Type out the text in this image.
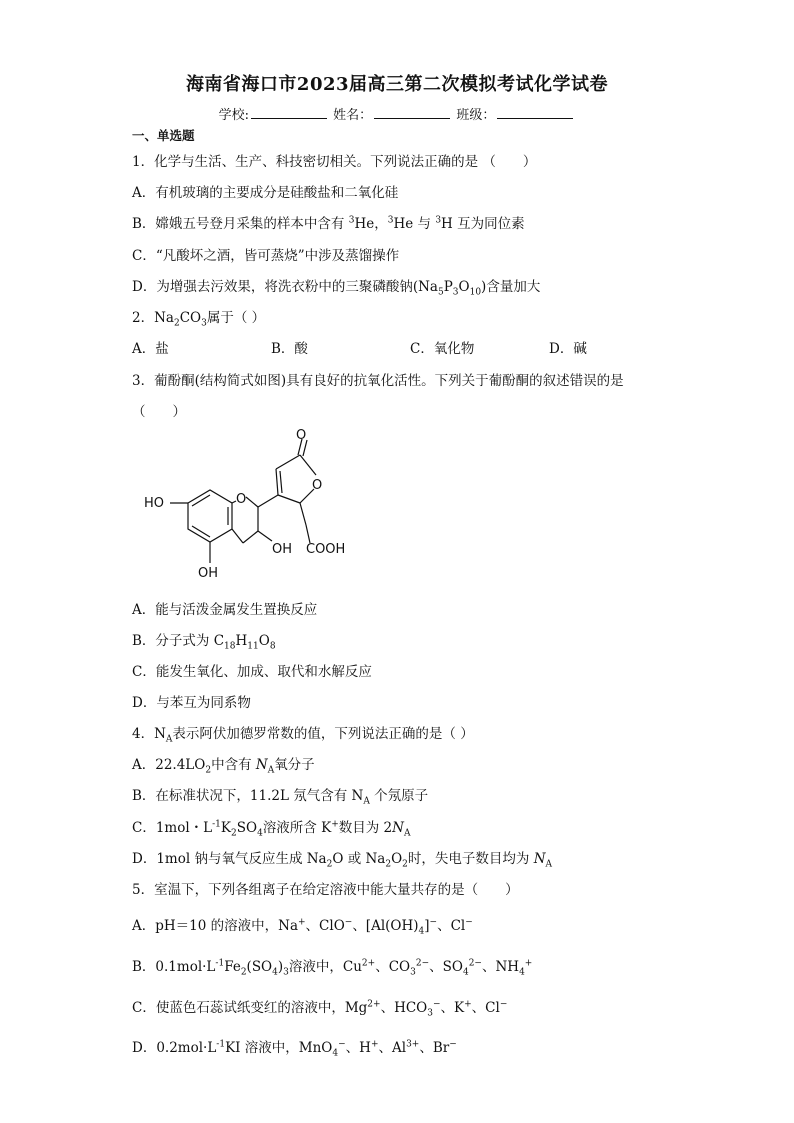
海南省海口市2023届高三第二次模拟考试化学试卷
学校:	姓名：	班级：
一、单选题
1．化学与生活、生产、科技密切相关。下列说法正确的是 （　　）
A．有机玻璃的主要成分是硅酸盐和二氧化硅
B．嫦娥五号登月采集的样本中含有 $^3$He，$^3$He 与 $^3$H 互为同位素
C．“凡酸坏之酒，皆可蒸烧”中涉及蒸馏操作
D．为增强去污效果，将洗衣粉中的三聚磷酸钠$(Na_5P_3O_{10})$含量加大
2．$Na_2CO_3$属于（ ）
A．盐	B．酸	C．氧化物	D．碱
3．葡酚酮(结构简式如图)具有良好的抗氧化活性。下列关于葡酚酮的叙述错误的是
（　　）
O
O
O
HO
OH
OH
COOH
A．能与活泼金属发生置换反应
B．分子式为 $C_{18}H_{11}O_8$
C．能发生氧化、加成、取代和水解反应
D．与苯互为同系物
4．$N_A$表示阿伏加德罗常数的值，下列说法正确的是（ ）
A．$22.4LO_2$中含有 $N_A$氧分子
B．在标准状况下，11.2L 氖气含有 $N_A$ 个氖原子
C．1mol・$L^{-1}K_2SO_4$溶液所含 K+数目为 $2N_A$
D．1mol 钠与氧气反应生成 $Na_2O$ 或 $Na_2O_2$时，失电子数目均为 $N_A$
5．室温下，下列各组离子在给定溶液中能大量共存的是（　　）
A．pH＝10 的溶液中，Na+、ClO−、$[Al(OH)_4]^-$、Cl−
B．$0.1mol\cdot L^{-1}Fe_2(SO_4)_3$溶液中，$Cu^{2+}$、$CO_3^{2-}$、$SO_4^{2-}$、$NH_4^+$
C．使蓝色石蕊试纸变红的溶液中，$Mg^{2+}$、$HCO_3^-$、K+、Cl−
D．$0.2mol\cdot L^{-1}KI$ 溶液中，MnO$_4$−、H+、$Al^{3+}$、Br−
